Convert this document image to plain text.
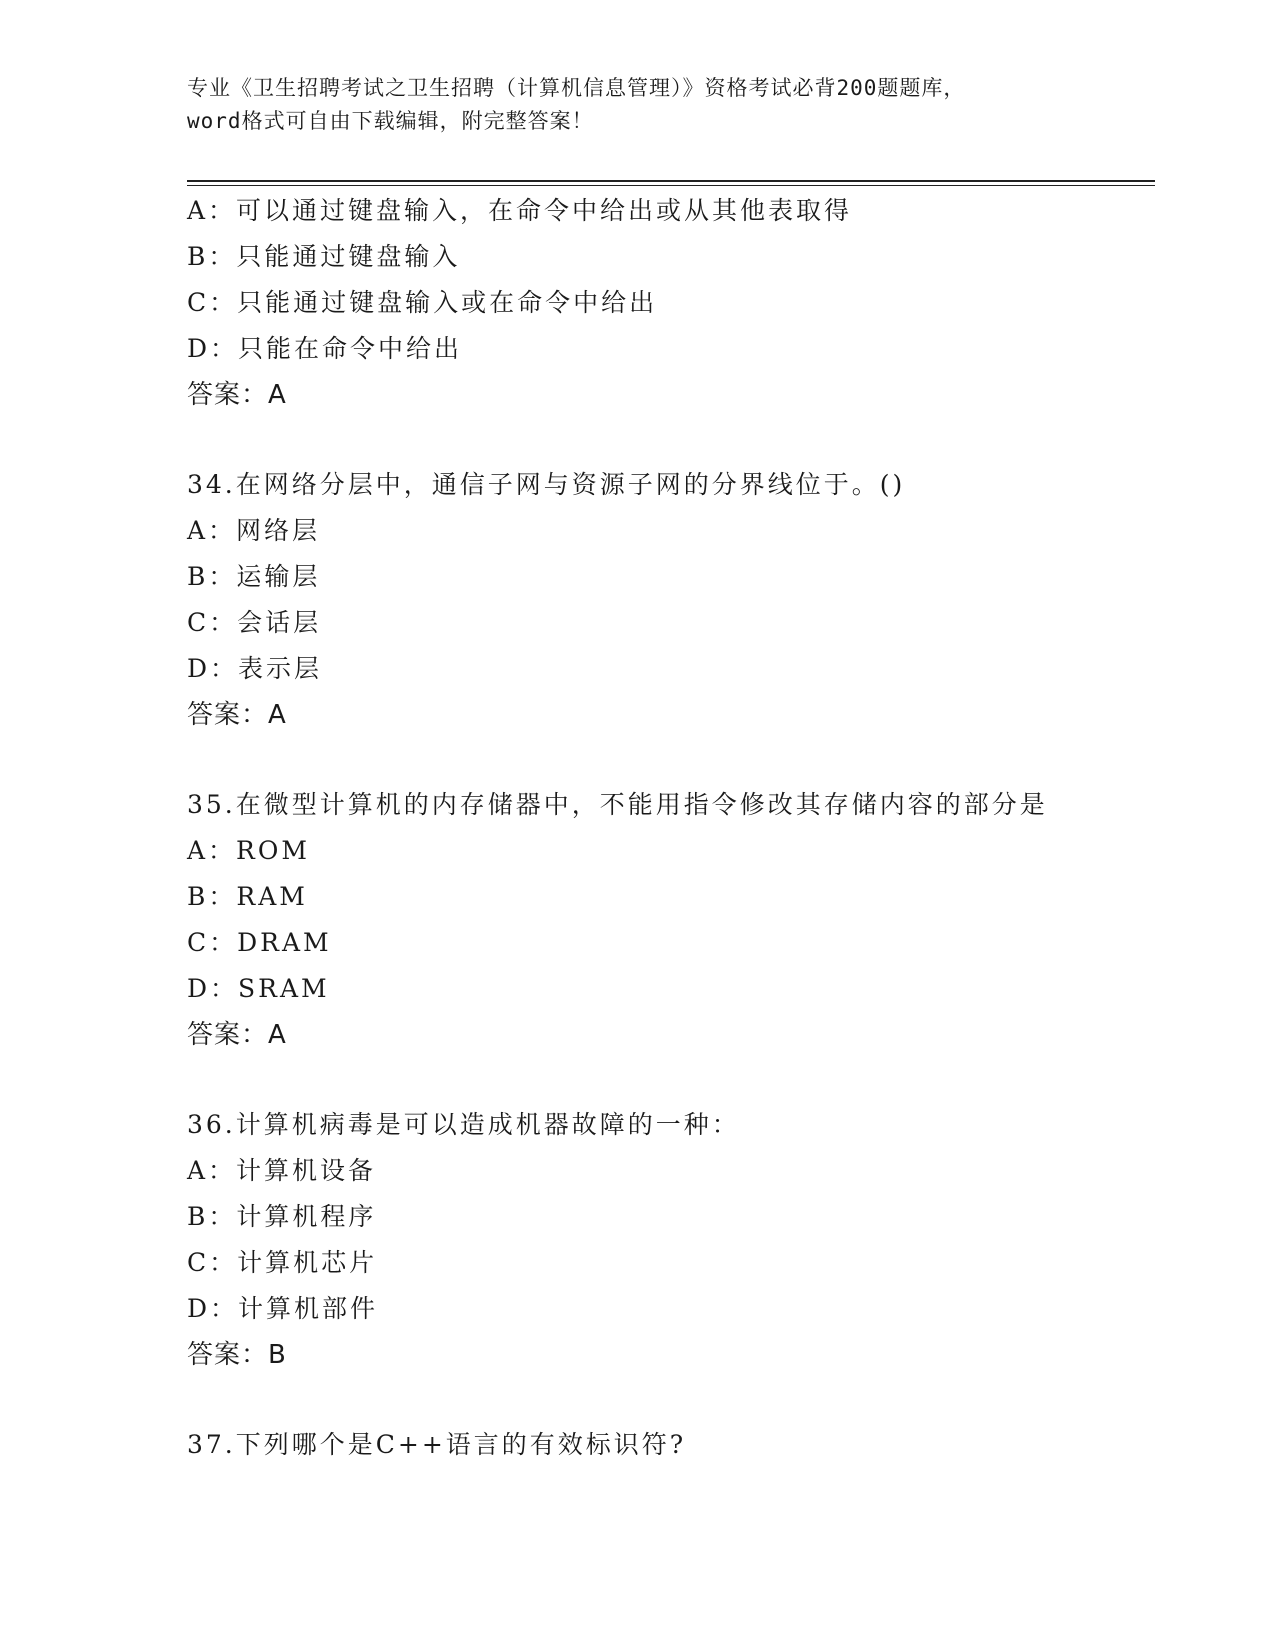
专业《卫生招聘考试之卫生招聘（计算机信息管理）》资格考试必背200题题库，
word格式可自由下载编辑，附完整答案！
A：可以通过键盘输入，在命令中给出或从其他表取得
B：只能通过键盘输入
C：只能通过键盘输入或在命令中给出
D：只能在命令中给出
答案：A
34.在网络分层中，通信子网与资源子网的分界线位于。()
A：网络层
B：运输层
C：会话层
D：表示层
答案：A
35.在微型计算机的内存储器中，不能用指令修改其存储内容的部分是
A：ROM
B：RAM
C：DRAM
D：SRAM
答案：A
36.计算机病毒是可以造成机器故障的一种：
A：计算机设备
B：计算机程序
C：计算机芯片
D：计算机部件
答案：B
37.下列哪个是C++语言的有效标识符?
